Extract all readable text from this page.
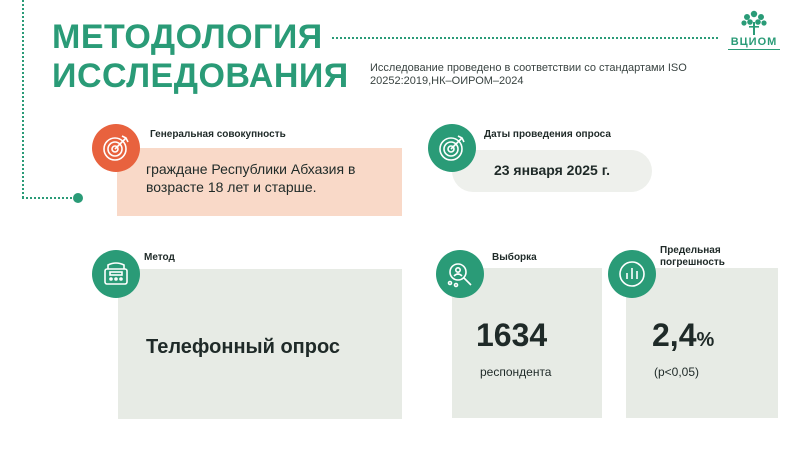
МЕТОДОЛОГИЯ
ИССЛЕДОВАНИЯ Исследование проведено в соответствии со стандартами ISO 20252:2019,НК–ОИРОМ–2024
ВЦИОМ
Генеральная совокупность
граждане Республики Абхазия в возрасте 18 лет и старше.
Даты проведения опроса
23 января 2025 г.
Метод
Телефонный опрос
Выборка
1634
респондента
Предельная погрешность
2,4%
(p<0,05)
